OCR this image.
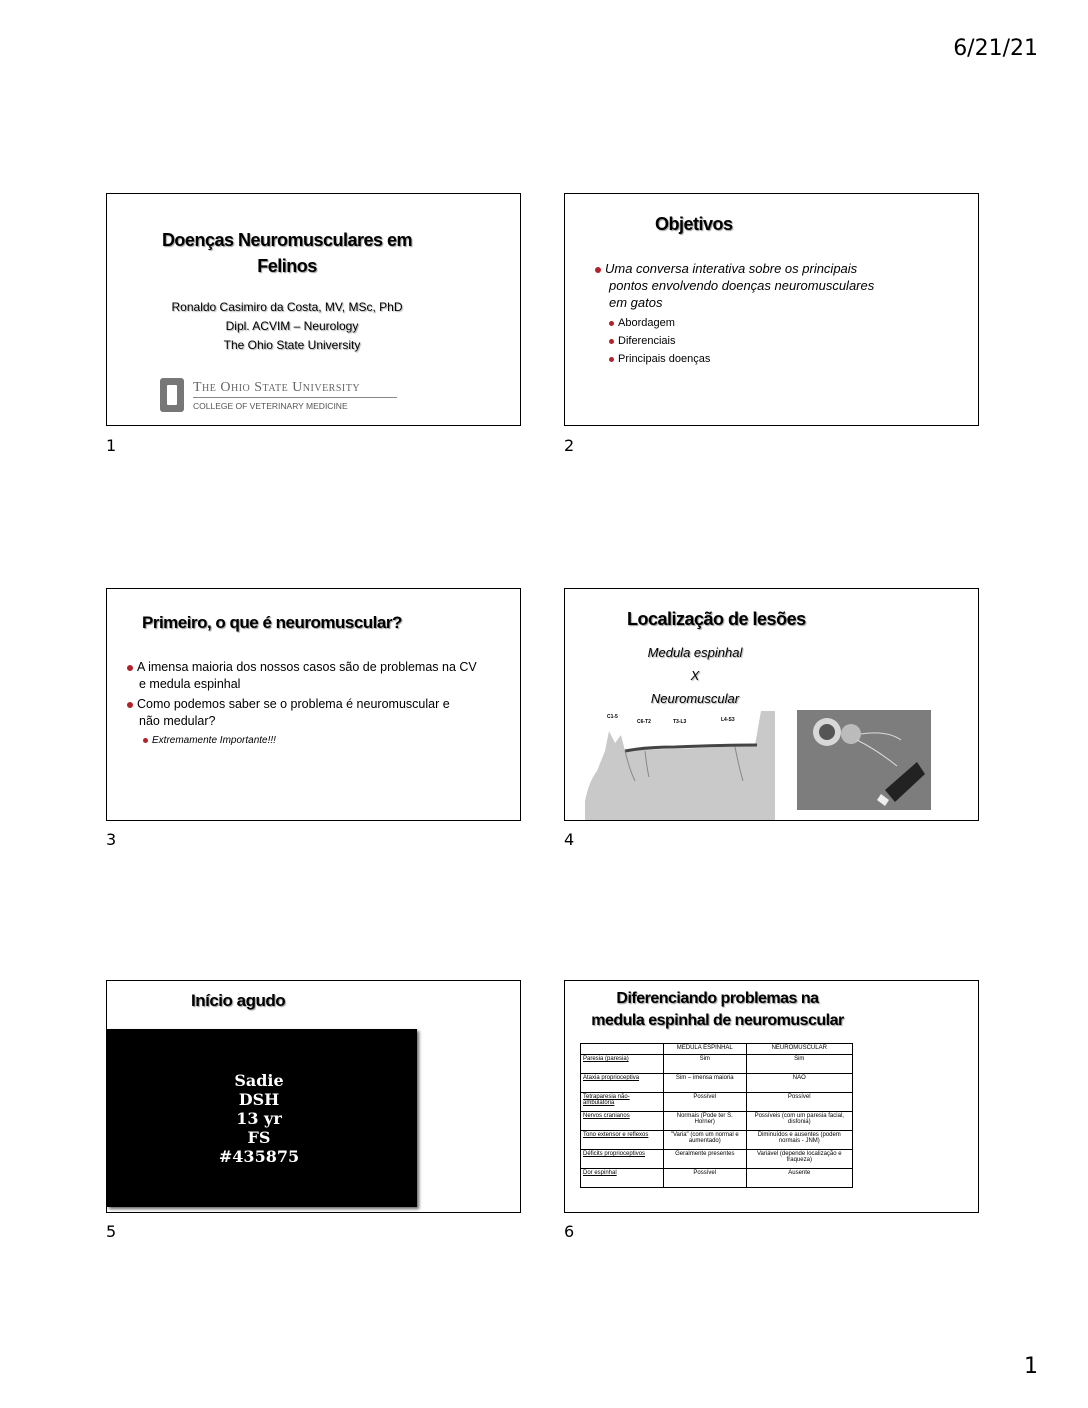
6/21/21
Doenças Neuromusculares em
Felinos
Ronaldo Casimiro da Costa, MV, MSc, PhD
Dipl. ACVIM – Neurology
The Ohio State University
The Ohio State University
COLLEGE OF VETERINARY MEDICINE
1
Objetivos
Uma conversa interativa sobre os principais
pontos envolvendo doenças neuromusculares
em gatos
Abordagem
Diferenciais
Principais doenças
2
Primeiro, o que é neuromuscular?
A imensa maioria dos nossos casos são de problemas na CV
e medula espinhal
Como podemos saber se o problema é neuromuscular e
não medular?
Extremamente Importante!!!
3
Localização de lesões
Medula espinhal
X
Neuromuscular
C1-5
C6-T2	T3-L3	L4-S3
4
Início agudo
Sadie
DSH
13 yr
FS
#435875
5
Diferenciando problemas na
medula espinhal de neuromuscular
	MEDULA ESPINHAL	NEUROMUSCULAR
Paresia (paresia)	Sim	Sim
Ataxia proprioceptiva	Sim – imensa maioria	NÃO
Tetraparesia não-ambulatória	Possível	Possível
Nervos cranianos	Normais (Pode ter S. Horner)	Possíveis (com um paresia facial, disfonia)
Tono extensor e reflexos	"Varia" (com um normal e aumentado)	Diminuídos e ausentes (podem normais - JNM)
Déficits proprioceptivos	Geralmente presentes	Variável (depende localização e fraqueza)
Dor espinhal	Possível	Ausente
6
1
